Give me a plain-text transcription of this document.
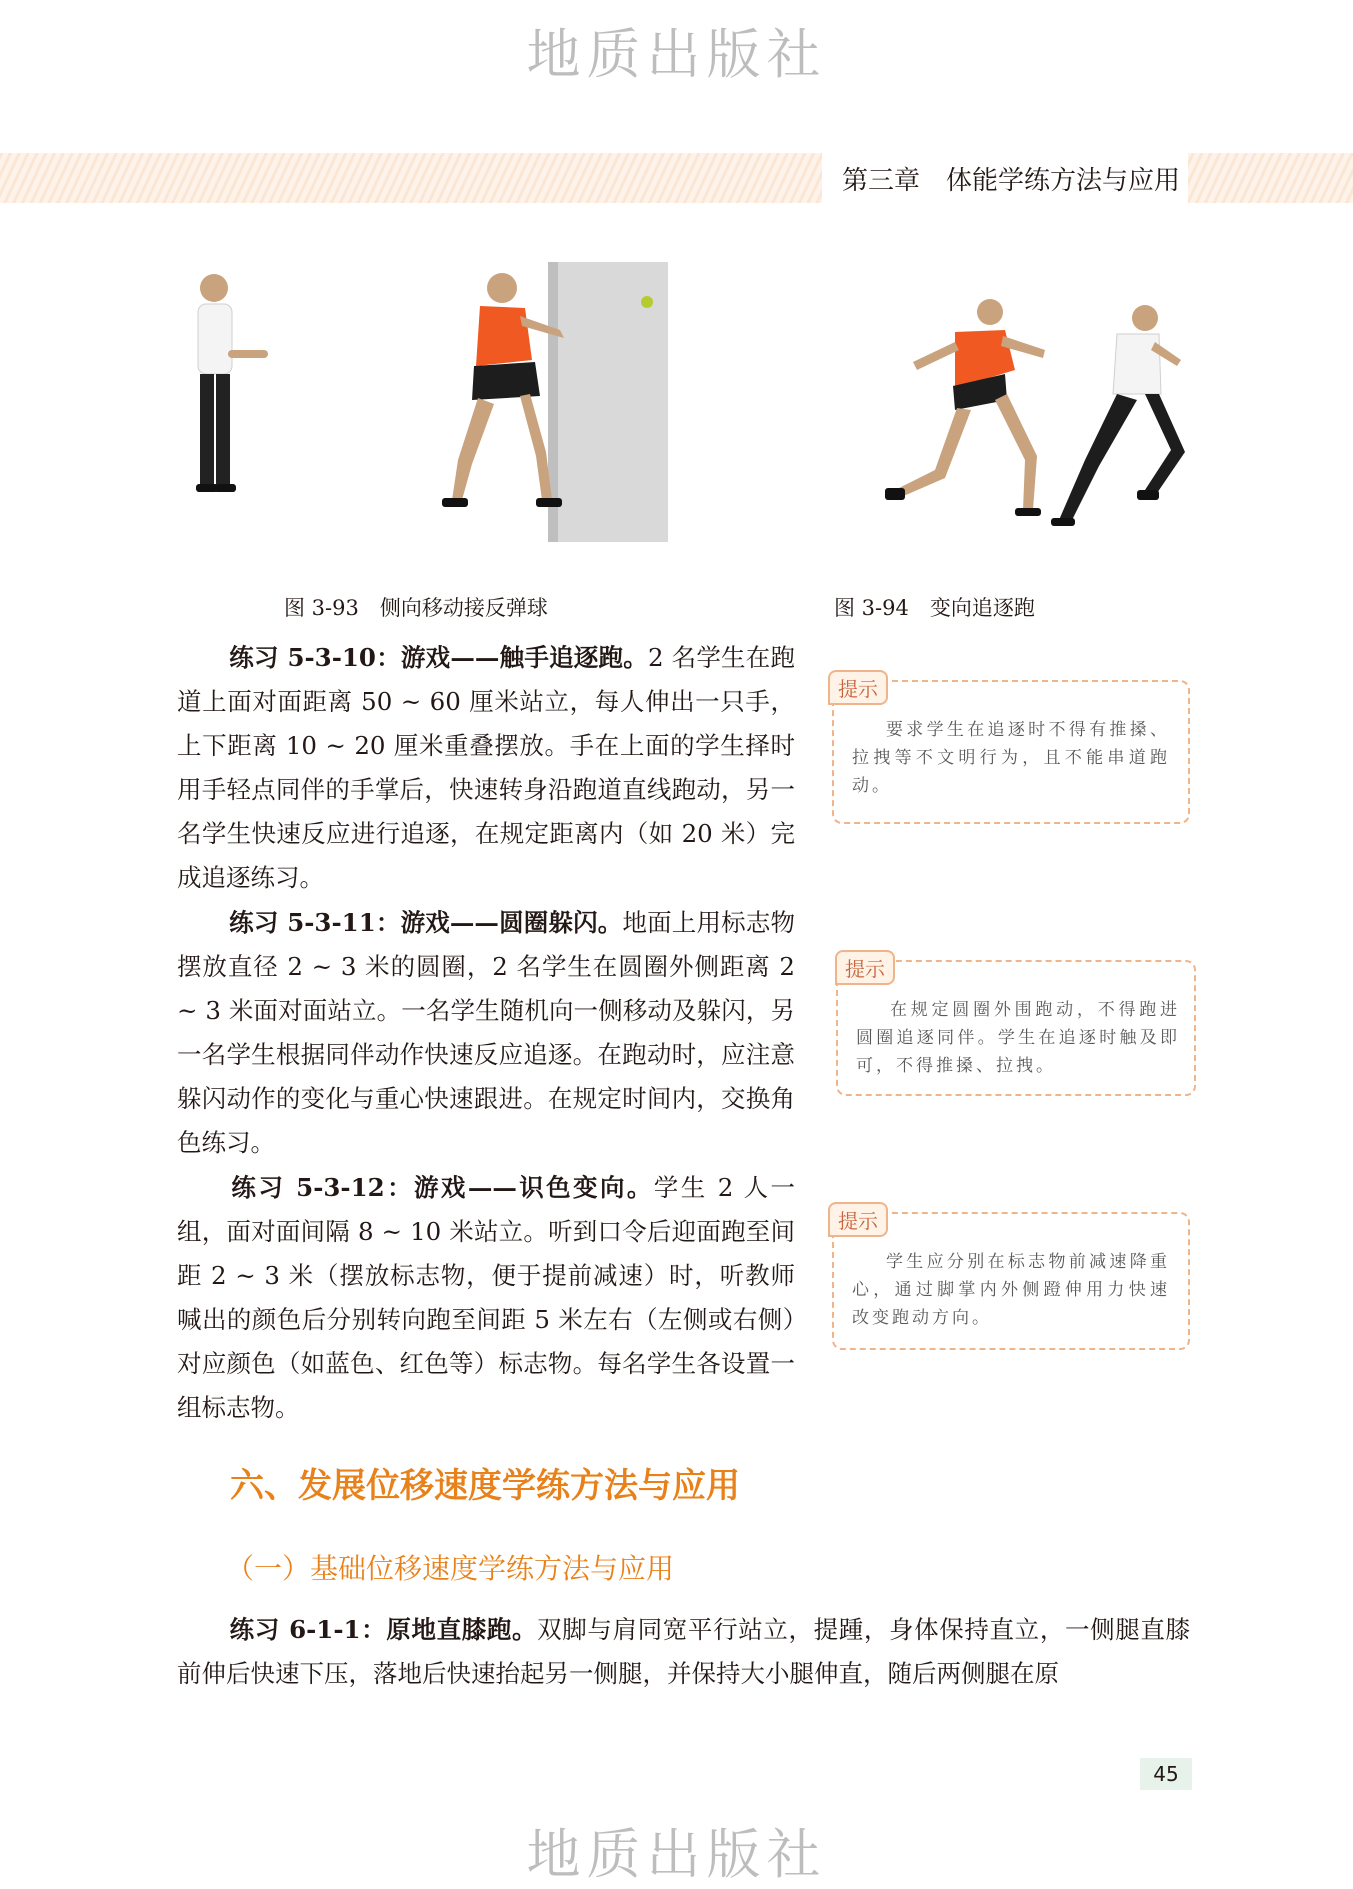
地质出版社
第三章　体能学练方法与应用
图 3-93　侧向移动接反弹球	图 3-94　变向追逐跑
练习 5-3-10：游戏——触手追逐跑。2 名学生在跑道上面对面距离 50 ~ 60 厘米站立，每人伸出一只手，上下距离 10 ~ 20 厘米重叠摆放。手在上面的学生择时用手轻点同伴的手掌后，快速转身沿跑道直线跑动，另一名学生快速反应进行追逐，在规定距离内（如 20 米）完成追逐练习。
练习 5-3-11：游戏——圆圈躲闪。地面上用标志物摆放直径 2 ~ 3 米的圆圈，2 名学生在圆圈外侧距离 2 ~ 3 米面对面站立。一名学生随机向一侧移动及躲闪，另一名学生根据同伴动作快速反应追逐。在跑动时，应注意躲闪动作的变化与重心快速跟进。在规定时间内，交换角色练习。
练习 5-3-12：游戏——识色变向。学生 2 人一组，面对面间隔 8 ~ 10 米站立。听到口令后迎面跑至间距 2 ~ 3 米（摆放标志物，便于提前减速）时，听教师喊出的颜色后分别转向跑至间距 5 米左右（左侧或右侧）对应颜色（如蓝色、红色等）标志物。每名学生各设置一组标志物。
要求学生在追逐时不得有推搡、拉拽等不文明行为，且不能串道跑动。
提示
在规定圆圈外围跑动，不得跑进圆圈追逐同伴。学生在追逐时触及即可，不得推搡、拉拽。
提示
学生应分别在标志物前减速降重心，通过脚掌内外侧蹬伸用力快速改变跑动方向。
提示
六、发展位移速度学练方法与应用
（一）基础位移速度学练方法与应用
练习 6-1-1：原地直膝跑。双脚与肩同宽平行站立，提踵，身体保持直立，一侧腿直膝前伸后快速下压，落地后快速抬起另一侧腿，并保持大小腿伸直，随后两侧腿在原
45
地质出版社
